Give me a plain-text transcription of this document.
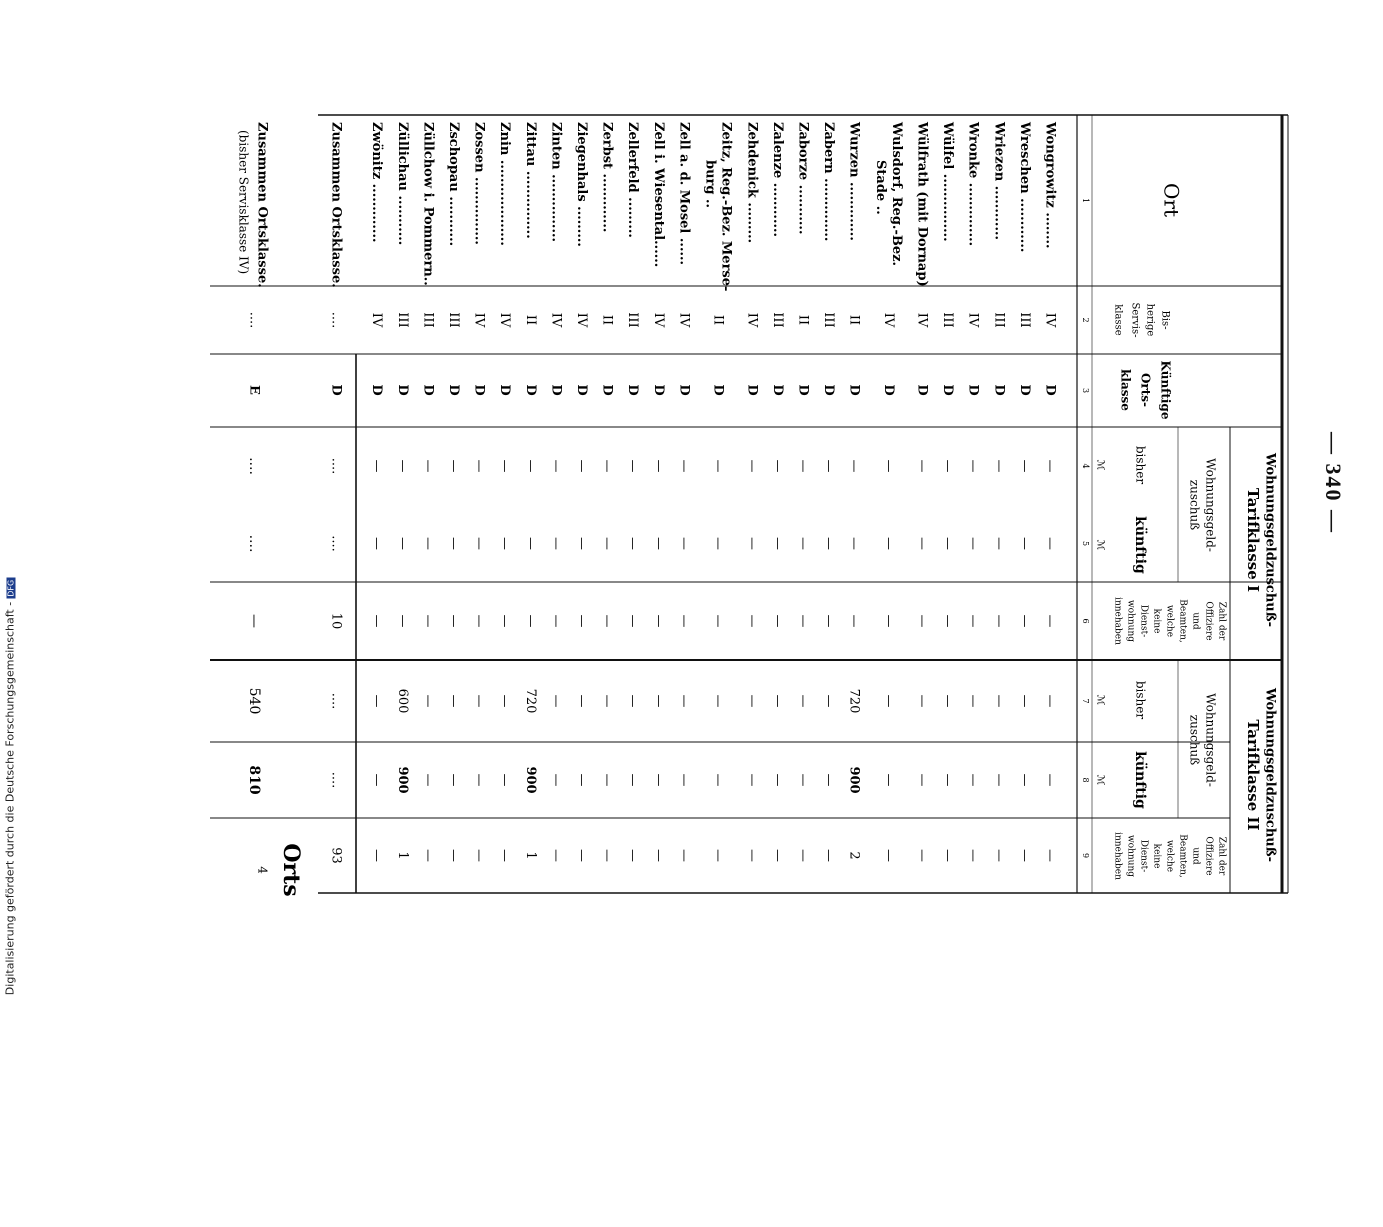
— 340 —
Ort
Bis-
herige
Servis-
klasse
Künftige
Orts-
klasse
Wohnungsgeldzuschuß-
Tarifklasse I
Wohnungsgeld-
zuschuß
bisher
künftig
ℳ
ℳ
Wohnungsgeldzuschuß-
Tarifklasse II
Wohnungsgeld-
zuschuß
bisher
künftig
ℳ
ℳ
Zahl der
Zahl der
Offiziere
Offiziere
und
und
Beamten,
Beamten,
welche
welche
keine
keine
Dienst-
Dienst-
wohnung
wohnung
innehaben
innehaben
1
2
3
4
5
6
7
8
9
Wongrowitz ........
IV
D
—
—
—
—
—
—
Wreschen ............
III
D
—
—
—
—
—
—
Wriezen ............
III
D
—
—
—
—
—
—
Wronke ..............
IV
D
—
—
—
—
—
—
Wülfel ...............
III
D
—
—
—
—
—
—
Wülfrath (mit Dornap)
IV
D
—
—
—
—
—
—
Wulsdorf, Reg.-Bez.
Stade ..
IV
D
—
—
—
—
—
—
Wurzen .............
II
D
—
—
—
720
900
2
Zabern ..............
III
D
—
—
—
—
—
—
Zaborze ...........
II
D
—
—
—
—
—
—
Zalenze ............
III
D
—
—
—
—
—
—
Zehdenick .........
IV
D
—
—
—
—
—
—
Zeitz, Reg.-Bez. Merse-
burg ..
II
D
—
—
—
—
—
—
Zell a. d. Mosel ......
IV
D
—
—
—
—
—
—
Zell i. Wiesental......
IV
D
—
—
—
—
—
—
Zellerfeld .........
III
D
—
—
—
—
—
—
Zerbst .............
II
D
—
—
—
—
—
—
Ziegenhals .........
IV
D
—
—
—
—
—
—
Zinten ...............
IV
D
—
—
—
—
—
—
Zittau ...............
II
D
—
—
—
720
900
1
Znin ...................
IV
D
—
—
—
—
—
—
Zossen ...............
IV
D
—
—
—
—
—
—
Zschopau ...........
III
D
—
—
—
—
—
—
Züllchow i. Pommern..
III
D
—
—
—
—
—
—
Züllichau ...........
III
D
—
—
—
600
900
1
Zwönitz .............
IV
D
—
—
—
—
—
—
Zusammen Ortsklasse.
....
D
....
....
10
....
....
93
Zusammen Ortsklasse.
(bisher Servisklasse IV)
....
E
....
....
—
540
810
Orts
4
Digitalisierung gefördert durch die Deutsche Forschungsgemeinschaft -DFG
